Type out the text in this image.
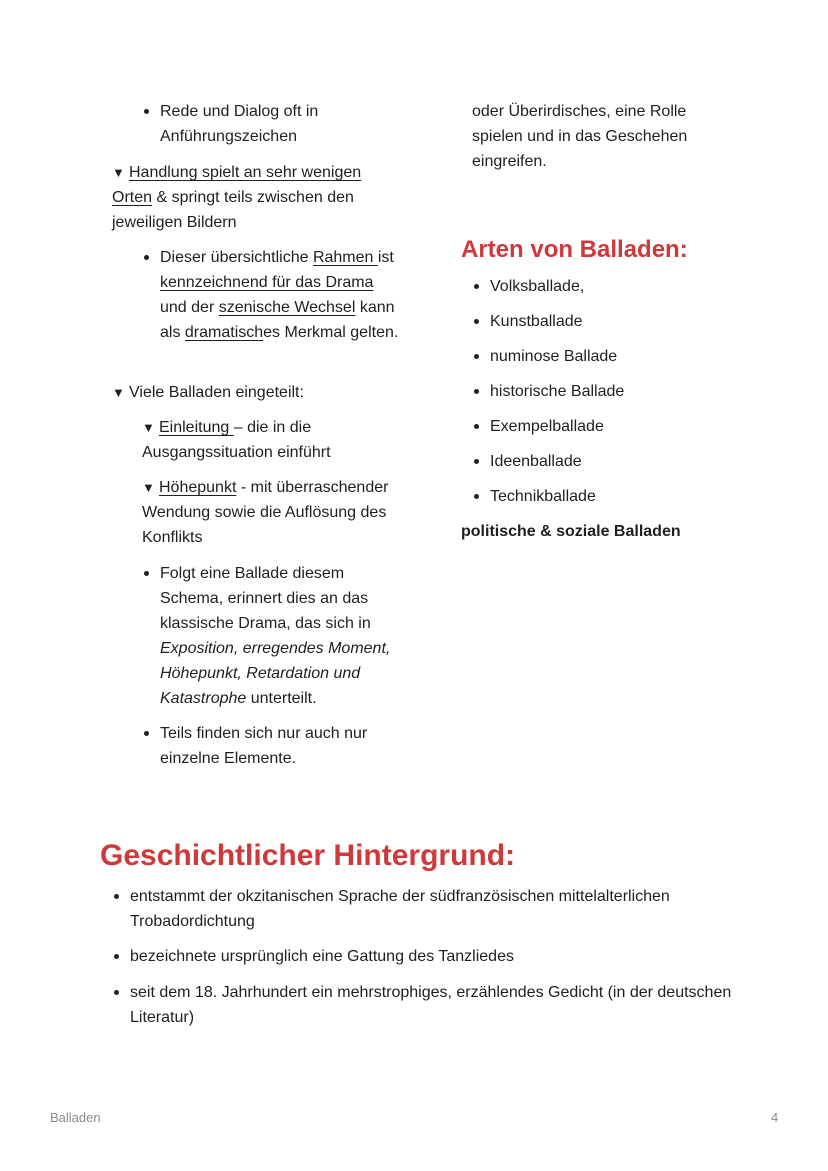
Rede und Dialog oft in Anführungszeichen
▼ Handlung spielt an sehr wenigen Orten & springt teils zwischen den jeweiligen Bildern
Dieser übersichtliche Rahmen ist kennzeichnend für das Drama und der szenische Wechsel kann als dramatisches Merkmal gelten.
▼ Viele Balladen eingeteilt:
▼ Einleitung – die in die Ausgangssituation einführt
▼ Höhepunkt - mit überraschender Wendung sowie die Auflösung des Konflikts
Folgt eine Ballade diesem Schema, erinnert dies an das klassische Drama, das sich in Exposition, erregendes Moment, Höhepunkt, Retardation und Katastrophe unterteilt.
Teils finden sich nur auch nur einzelne Elemente.
oder Überirdisches, eine Rolle spielen und in das Geschehen eingreifen.
Arten von Balladen:
Volksballade,
Kunstballade
numinose Ballade
historische Ballade
Exempelballade
Ideenballade
Technikballade
politische & soziale Balladen
Geschichtlicher Hintergrund:
entstammt der okzitanischen Sprache der südfranzösischen mittelalterlichen Trobadordichtung
bezeichnete ursprünglich eine Gattung des Tanzliedes
seit dem 18. Jahrhundert ein mehrstrophiges, erzählendes Gedicht (in der deutschen Literatur)
Balladen	4
